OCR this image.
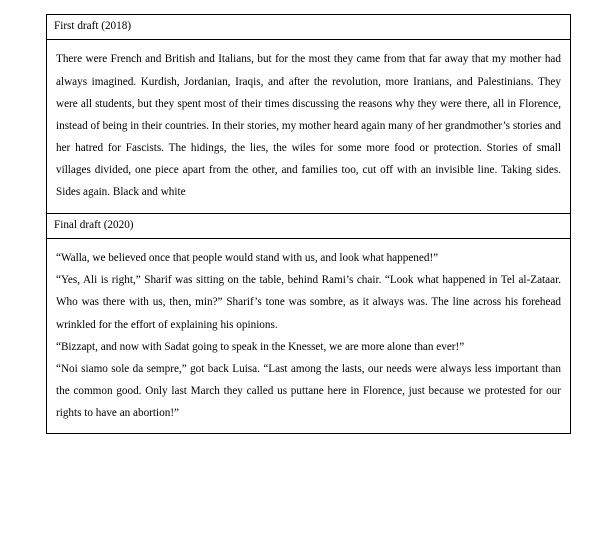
First draft (2018)
There were French and British and Italians, but for the most they came from that far away that my mother had always imagined. Kurdish, Jordanian, Iraqis, and after the revolution, more Iranians, and Palestinians. They were all students, but they spent most of their times discussing the reasons why they were there, all in Florence, instead of being in their countries. In their stories, my mother heard again many of her grandmother’s stories and her hatred for Fascists. The hidings, the lies, the wiles for some more food or protection. Stories of small villages divided, one piece apart from the other, and families too, cut off with an invisible line. Taking sides. Sides again. Black and white
Final draft (2020)

“Walla, we believed once that people would stand with us, and look what happened!”

“Yes, Ali is right,” Sharif was sitting on the table, behind Rami’s chair. “Look what happened in Tel al-Zataar. Who was there with us, then, min?” Sharif’s tone was sombre, as it always was. The line across his forehead wrinkled for the effort of explaining his opinions.

“Bizzapt, and now with Sadat going to speak in the Knesset, we are more alone than ever!”

“Noi siamo sole da sempre,” got back Luisa. “Last among the lasts, our needs were always less important than the common good. Only last March they called us puttane here in Florence, just because we protested for our rights to have an abortion!”
